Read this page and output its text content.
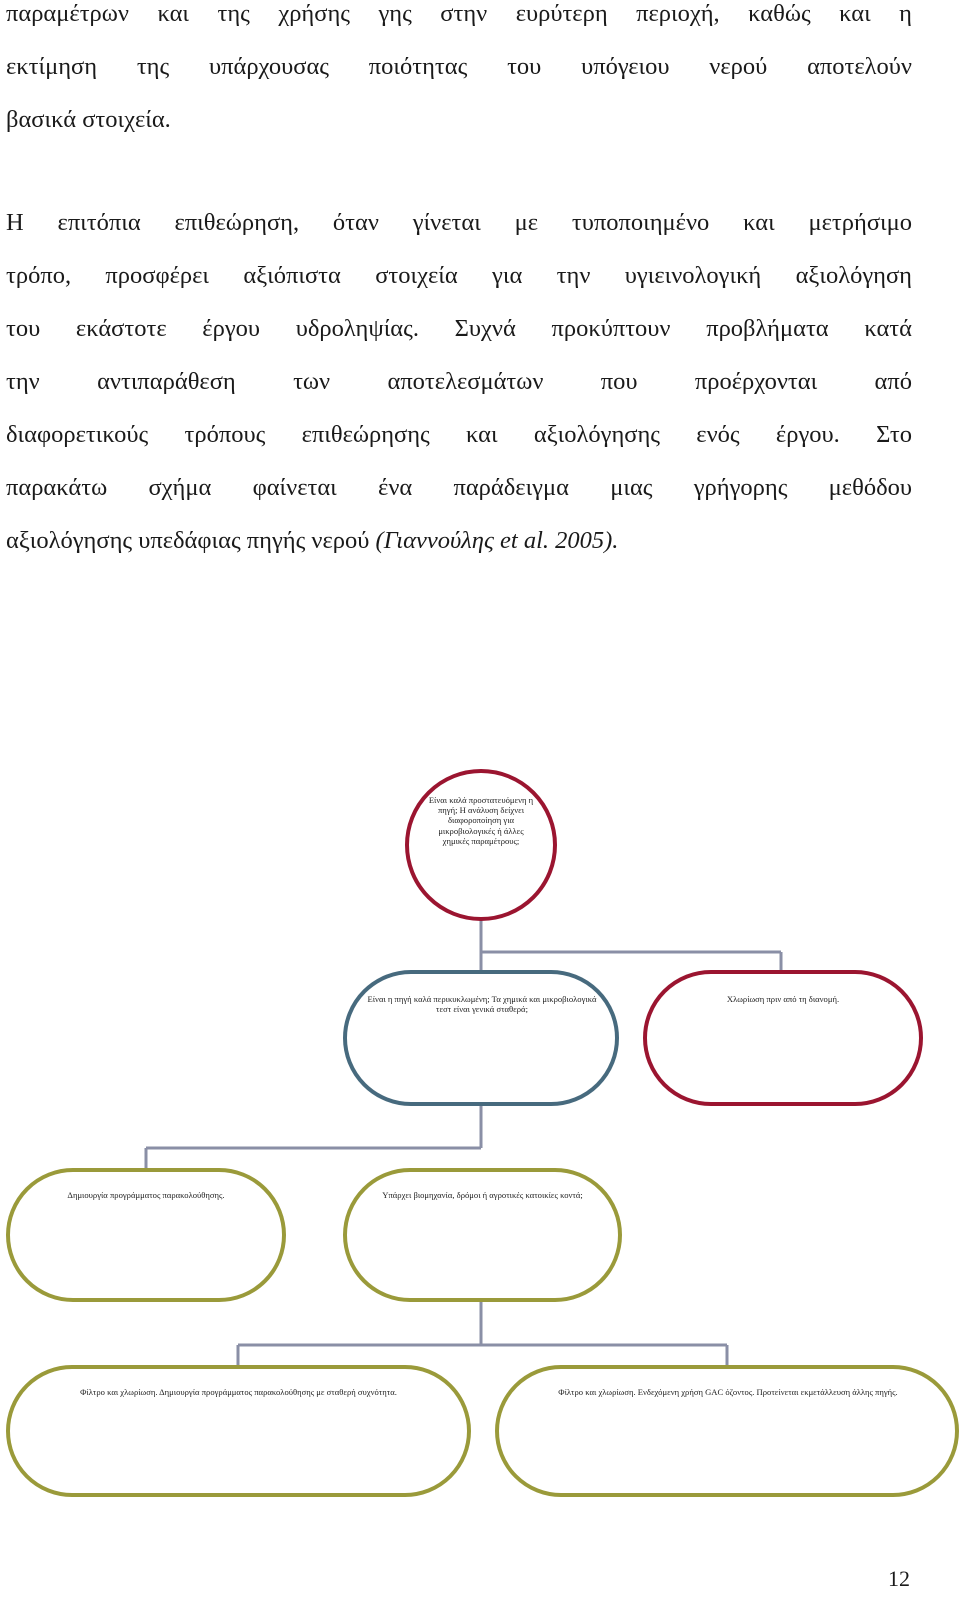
παραμέτρων και της χρήσης γης στην ευρύτερη περιοχή, καθώς και η
εκτίμηση της υπάρχουσας ποιότητας του υπόγειου νερού αποτελούν
βασικά στοιχεία.
Η επιτόπια επιθεώρηση, όταν γίνεται με τυποποιημένο και μετρήσιμο
τρόπο, προσφέρει αξιόπιστα στοιχεία για την υγιεινολογική αξιολόγηση
του εκάστοτε έργου υδροληψίας. Συχνά προκύπτουν προβλήματα κατά
την αντιπαράθεση των αποτελεσμάτων που προέρχονται από
διαφορετικούς τρόπους επιθεώρησης και αξιολόγησης ενός έργου. Στο
παρακάτω σχήμα φαίνεται ένα παράδειγμα μιας γρήγορης μεθόδου
αξιολόγησης υπεδάφιας πηγής νερού (Γιαννούλης et al. 2005).
Είναι καλά προστατευόμενη η πηγή; Η ανάλυση δείχνει διαφοροποίηση για μικροβιολογικές ή άλλες χημικές παραμέτρους;
Είναι η πηγή καλά περικυκλωμένη; Τα χημικά και μικροβιολογικά τεστ είναι γενικά σταθερά;
Χλωρίωση πριν από τη διανομή.
Δημιουργία προγράμματος παρακολούθησης.	Υπάρχει βιομηχανία, δρόμοι ή αγροτικές κατοικίες κοντά;
Φίλτρο και χλωρίωση. Δημιουργία προγράμματος παρακολούθησης με σταθερή συχνότητα.	Φίλτρο και χλωρίωση. Ενδεχόμενη χρήση GAC όζοντος. Προτείνεται εκμετάλλευση άλλης πηγής.
12
